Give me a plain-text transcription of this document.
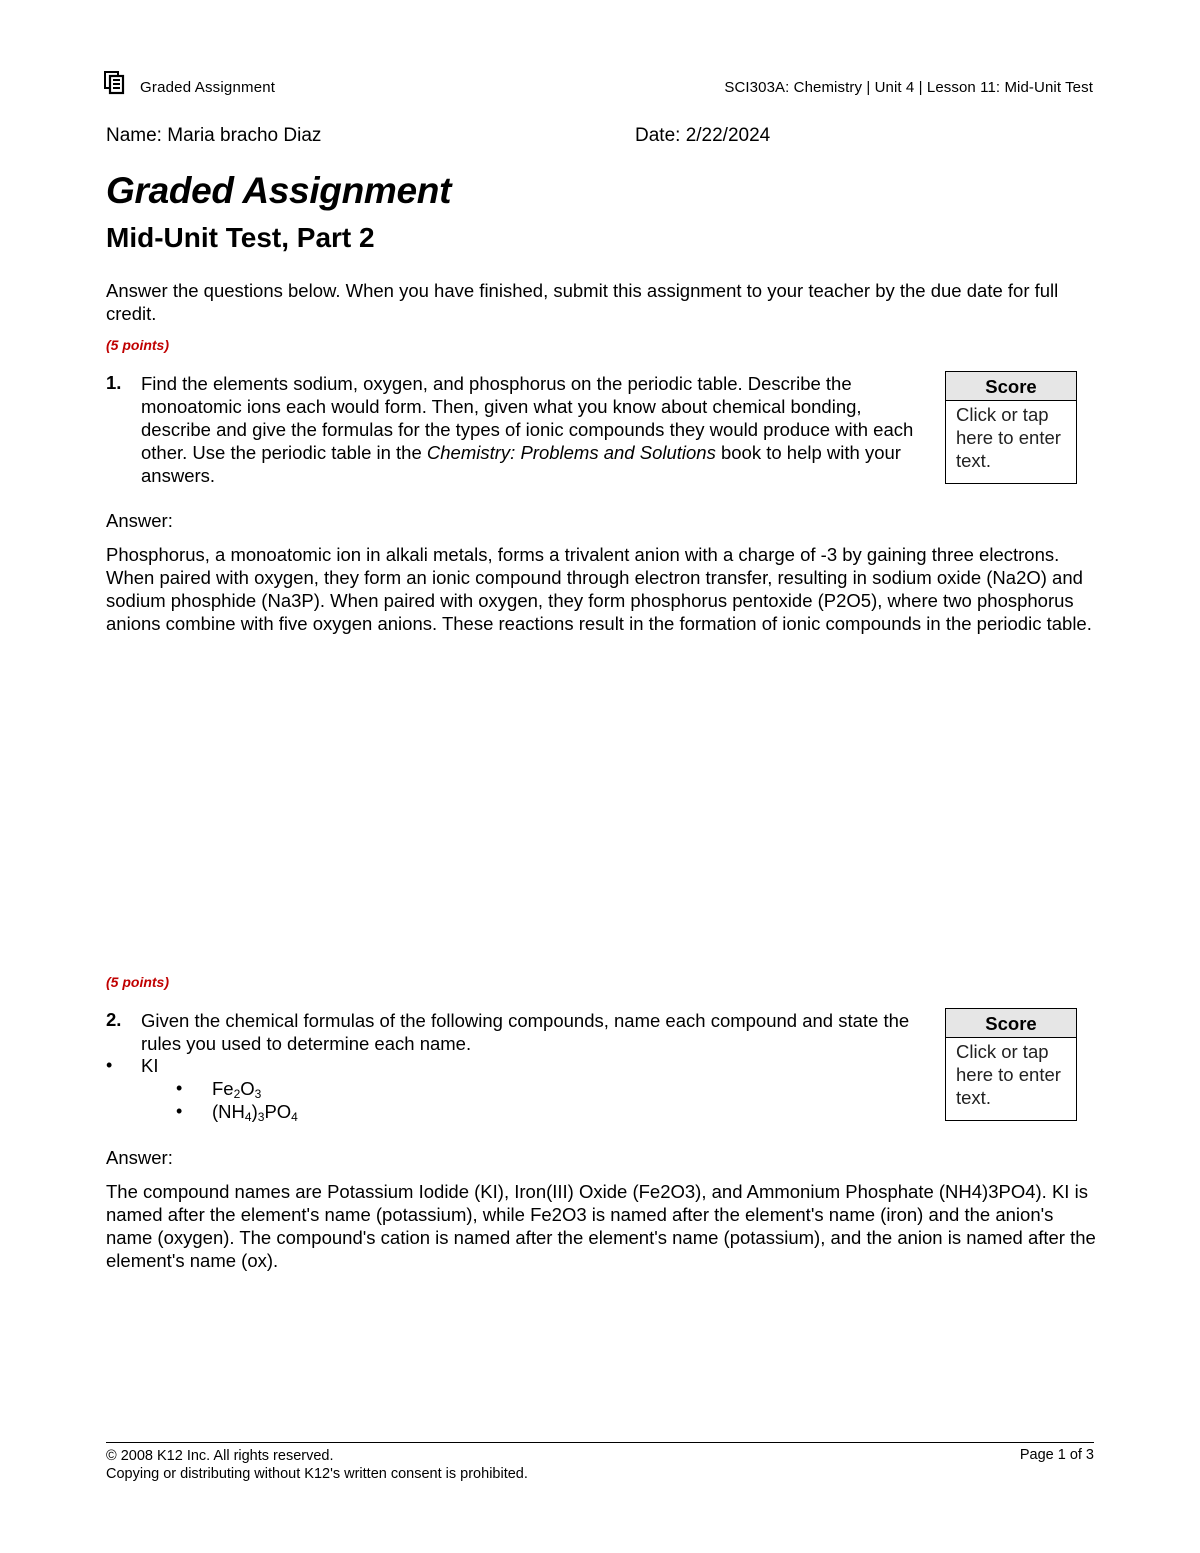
Graded Assignment	SCI303A: Chemistry | Unit 4 | Lesson 11: Mid-Unit Test
Name: Maria bracho Diaz	Date: 2/22/2024
Graded Assignment
Mid-Unit Test, Part 2
Answer the questions below. When you have finished, submit this assignment to your teacher by the due date for full credit.
(5 points)
1. Find the elements sodium, oxygen, and phosphorus on the periodic table. Describe the monoatomic ions each would form. Then, given what you know about chemical bonding, describe and give the formulas for the types of ionic compounds they would produce with each other. Use the periodic table in the Chemistry: Problems and Solutions book to help with your answers.
Score
Click or tap here to enter text.
Answer:
Phosphorus, a monoatomic ion in alkali metals, forms a trivalent anion with a charge of -3 by gaining three electrons. When paired with oxygen, they form an ionic compound through electron transfer, resulting in sodium oxide (Na2O) and sodium phosphide (Na3P). When paired with oxygen, they form phosphorus pentoxide (P2O5), where two phosphorus anions combine with five oxygen anions. These reactions result in the formation of ionic compounds in the periodic table.
(5 points)
2. Given the chemical formulas of the following compounds, name each compound and state the rules you used to determine each name.
• KI
• $Fe_2O_3$
• $(NH_4)_3PO_4$
Score
Click or tap here to enter text.
Answer:
The compound names are Potassium Iodide (KI), Iron(III) Oxide (Fe2O3), and Ammonium Phosphate (NH4)3PO4). KI is named after the element's name (potassium), while Fe2O3 is named after the element's name (iron) and the anion's name (oxygen). The compound's cation is named after the element's name (potassium), and the anion is named after the element's name (ox).
© 2008 K12 Inc. All rights reserved.
Copying or distributing without K12's written consent is prohibited.
Page 1 of 3
